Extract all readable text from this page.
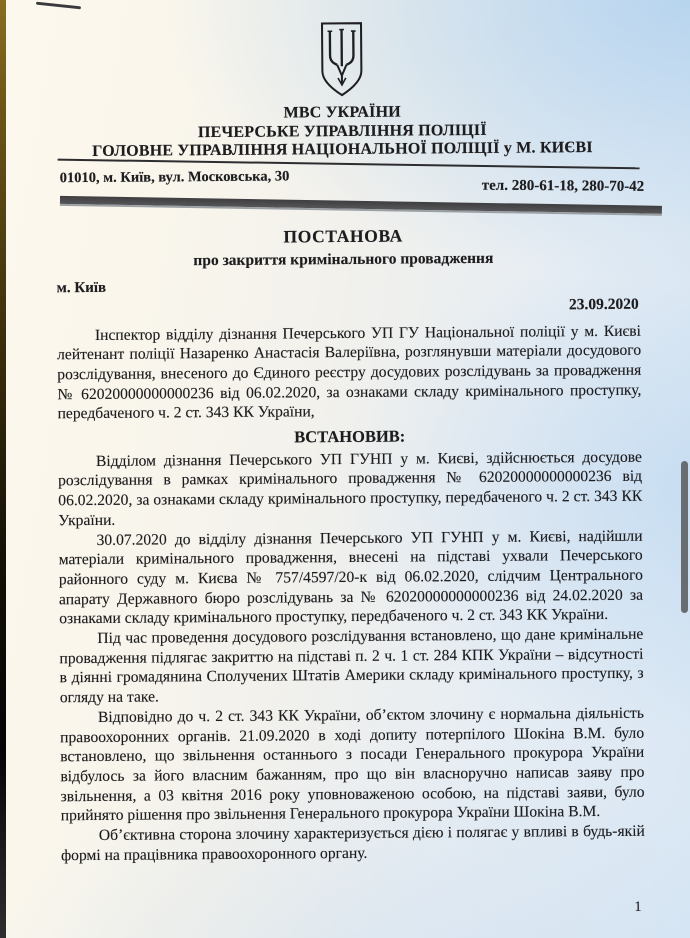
МВС УКРАЇНИ
ПЕЧЕРСЬКЕ УПРАВЛІННЯ ПОЛІЦІЇ
ГОЛОВНЕ УПРАВЛІННЯ НАЦІОНАЛЬНОЇ ПОЛІЦІЇ у М. КИЄВІ
01010, м. Київ, вул. Московська, 30
тел. 280-61-18, 280-70-42
ПОСТАНОВА
про закриття кримінального провадження
м. Київ
23.09.2020

Інспектор відділу дізнання Печерського УП ГУ Національної поліції у м. Києві лейтенант поліції Назаренко Анастасія Валеріївна, розглянувши матеріали досудового розслідування, внесеного до Єдиного реєстру досудових розслідувань за провадження № 62020000000000236 від 06.02.2020, за ознаками складу кримінального проступку, передбаченого ч. 2 ст. 343 КК України,

ВСТАНОВИВ:

Відділом дізнання Печерського УП ГУНП у м. Києві, здійснюється досудове розслідування в рамках кримінального провадження № 62020000000000236 від 06.02.2020, за ознаками складу кримінального проступку, передбаченого ч. 2 ст. 343 КК України.

30.07.2020 до відділу дізнання Печерського УП ГУНП у м. Києві, надійшли матеріали кримінального провадження, внесені на підставі ухвали Печерського районного суду м. Києва № 757/4597/20-к від 06.02.2020, слідчим Центрального апарату Державного бюро розслідувань за № 62020000000000236 від 24.02.2020 за ознаками складу кримінального проступку, передбаченого ч. 2 ст. 343 КК України.

Під час проведення досудового розслідування встановлено, що дане кримінальне провадження підлягає закриттю на підставі п. 2 ч. 1 ст. 284 КПК України – відсутності в діянні громадянина Сполучених Штатів Америки складу кримінального проступку, з огляду на таке.

Відповідно до ч. 2 ст. 343 КК України, об’єктом злочину є нормальна діяльність правоохоронних органів. 21.09.2020 в ході допиту потерпілого Шокіна В.М. було встановлено, що звільнення останнього з посади Генерального прокурора України відбулось за його власним бажанням, про що він власноручно написав заяву про звільнення, а 03 квітня 2016 року уповноваженою особою, на підставі заяви, було прийнято рішення про звільнення Генерального прокурора України Шокіна В.М.

Об’єктивна сторона злочину характеризується дією і полягає у впливі в будь-якій формі на працівника правоохоронного органу.

1
